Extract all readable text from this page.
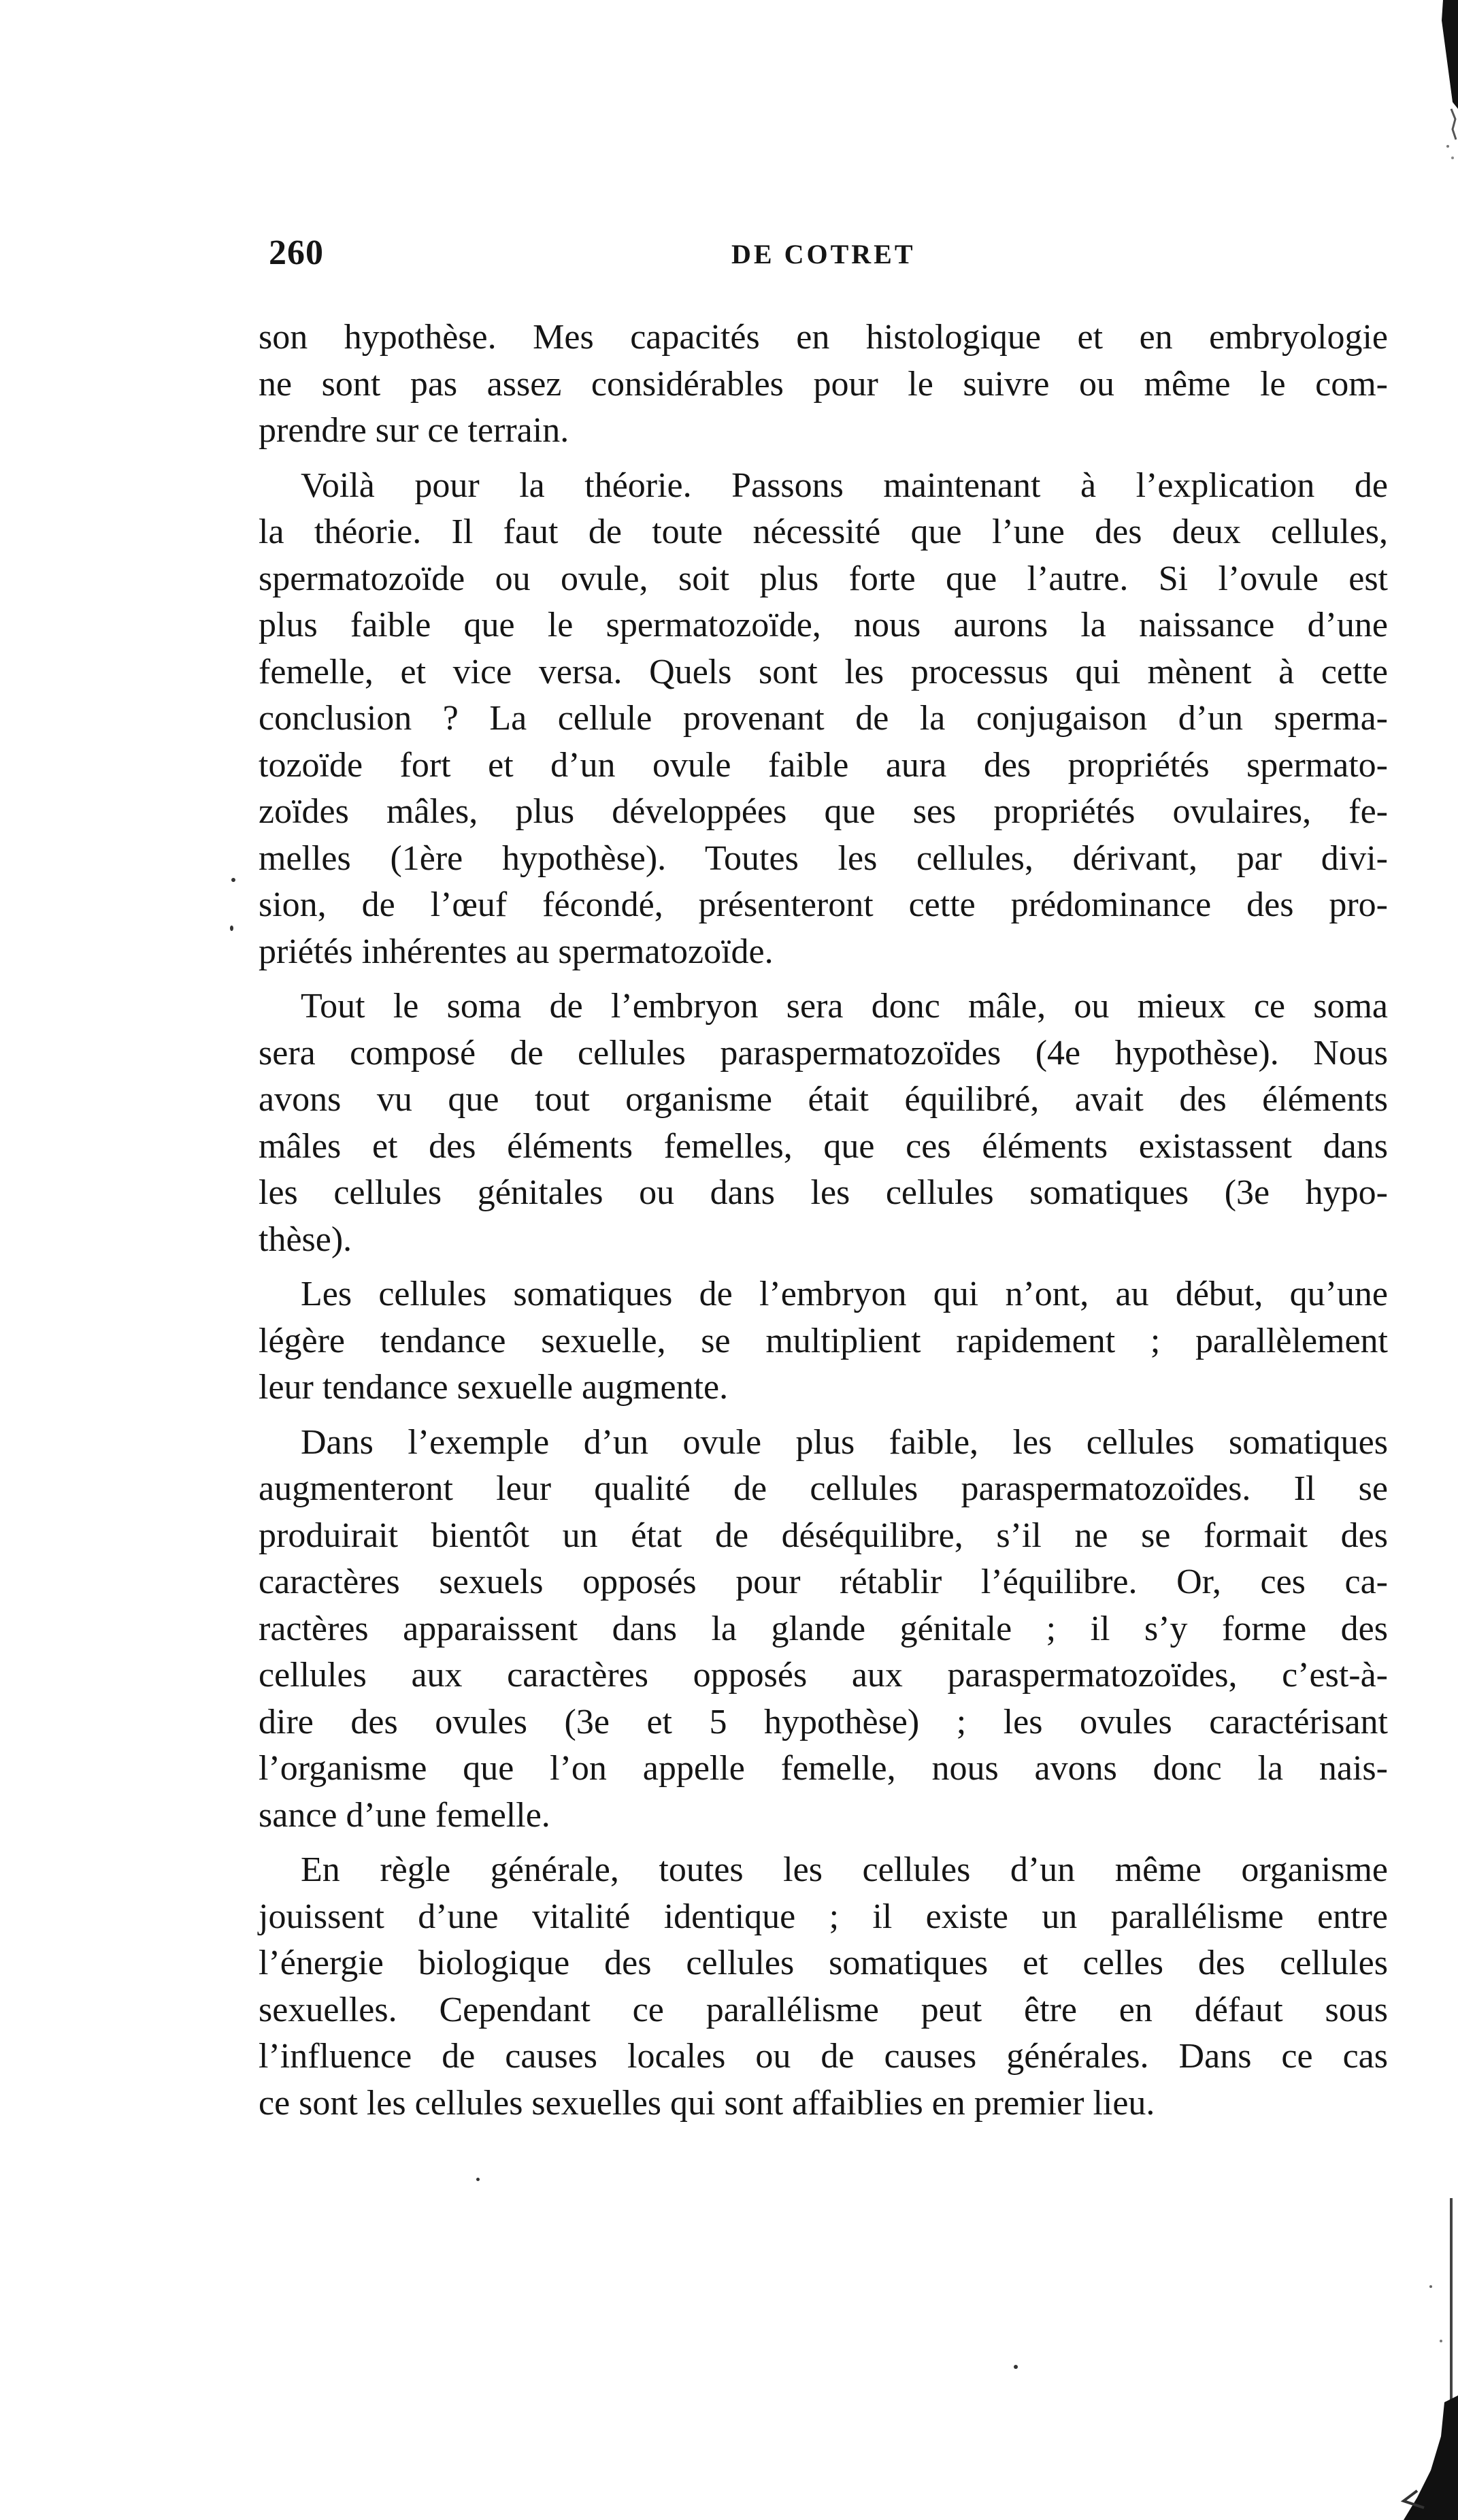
260	DE COTRET

son hypothèse. Mes capacités en histologique et en embryologie
ne sont pas assez considérables pour le suivre ou même le com-
prendre sur ce terrain.

Voilà pour la théorie. Passons maintenant à l’explication de
la théorie. Il faut de toute nécessité que l’une des deux cellules,
spermatozoïde ou ovule, soit plus forte que l’autre. Si l’ovule est
plus faible que le spermatozoïde, nous aurons la naissance d’une
femelle, et vice versa. Quels sont les processus qui mènent à cette
conclusion ? La cellule provenant de la conjugaison d’un sperma-
tozoïde fort et d’un ovule faible aura des propriétés spermato-
zoïdes mâles, plus développées que ses propriétés ovulaires, fe-
melles (1ère hypothèse). Toutes les cellules, dérivant, par divi-
sion, de l’œuf fécondé, présenteront cette prédominance des pro-
priétés inhérentes au spermatozoïde.

Tout le soma de l’embryon sera donc mâle, ou mieux ce soma
sera composé de cellules paraspermatozoïdes (4e hypothèse). Nous
avons vu que tout organisme était équilibré, avait des éléments
mâles et des éléments femelles, que ces éléments existassent dans
les cellules génitales ou dans les cellules somatiques (3e hypo-
thèse).

Les cellules somatiques de l’embryon qui n’ont, au début, qu’une
légère tendance sexuelle, se multiplient rapidement ; parallèlement
leur tendance sexuelle augmente.

Dans l’exemple d’un ovule plus faible, les cellules somatiques
augmenteront leur qualité de cellules paraspermatozoïdes. Il se
produirait bientôt un état de déséquilibre, s’il ne se formait des
caractères sexuels opposés pour rétablir l’équilibre. Or, ces ca-
ractères apparaissent dans la glande génitale ; il s’y forme des
cellules aux caractères opposés aux paraspermatozoïdes, c’est-à-
dire des ovules (3e et 5 hypothèse) ; les ovules caractérisant
l’organisme que l’on appelle femelle, nous avons donc la nais-
sance d’une femelle.

En règle générale, toutes les cellules d’un même organisme
jouissent d’une vitalité identique ; il existe un parallélisme entre
l’énergie biologique des cellules somatiques et celles des cellules
sexuelles. Cependant ce parallélisme peut être en défaut sous
l’influence de causes locales ou de causes générales. Dans ce cas
ce sont les cellules sexuelles qui sont affaiblies en premier lieu.
